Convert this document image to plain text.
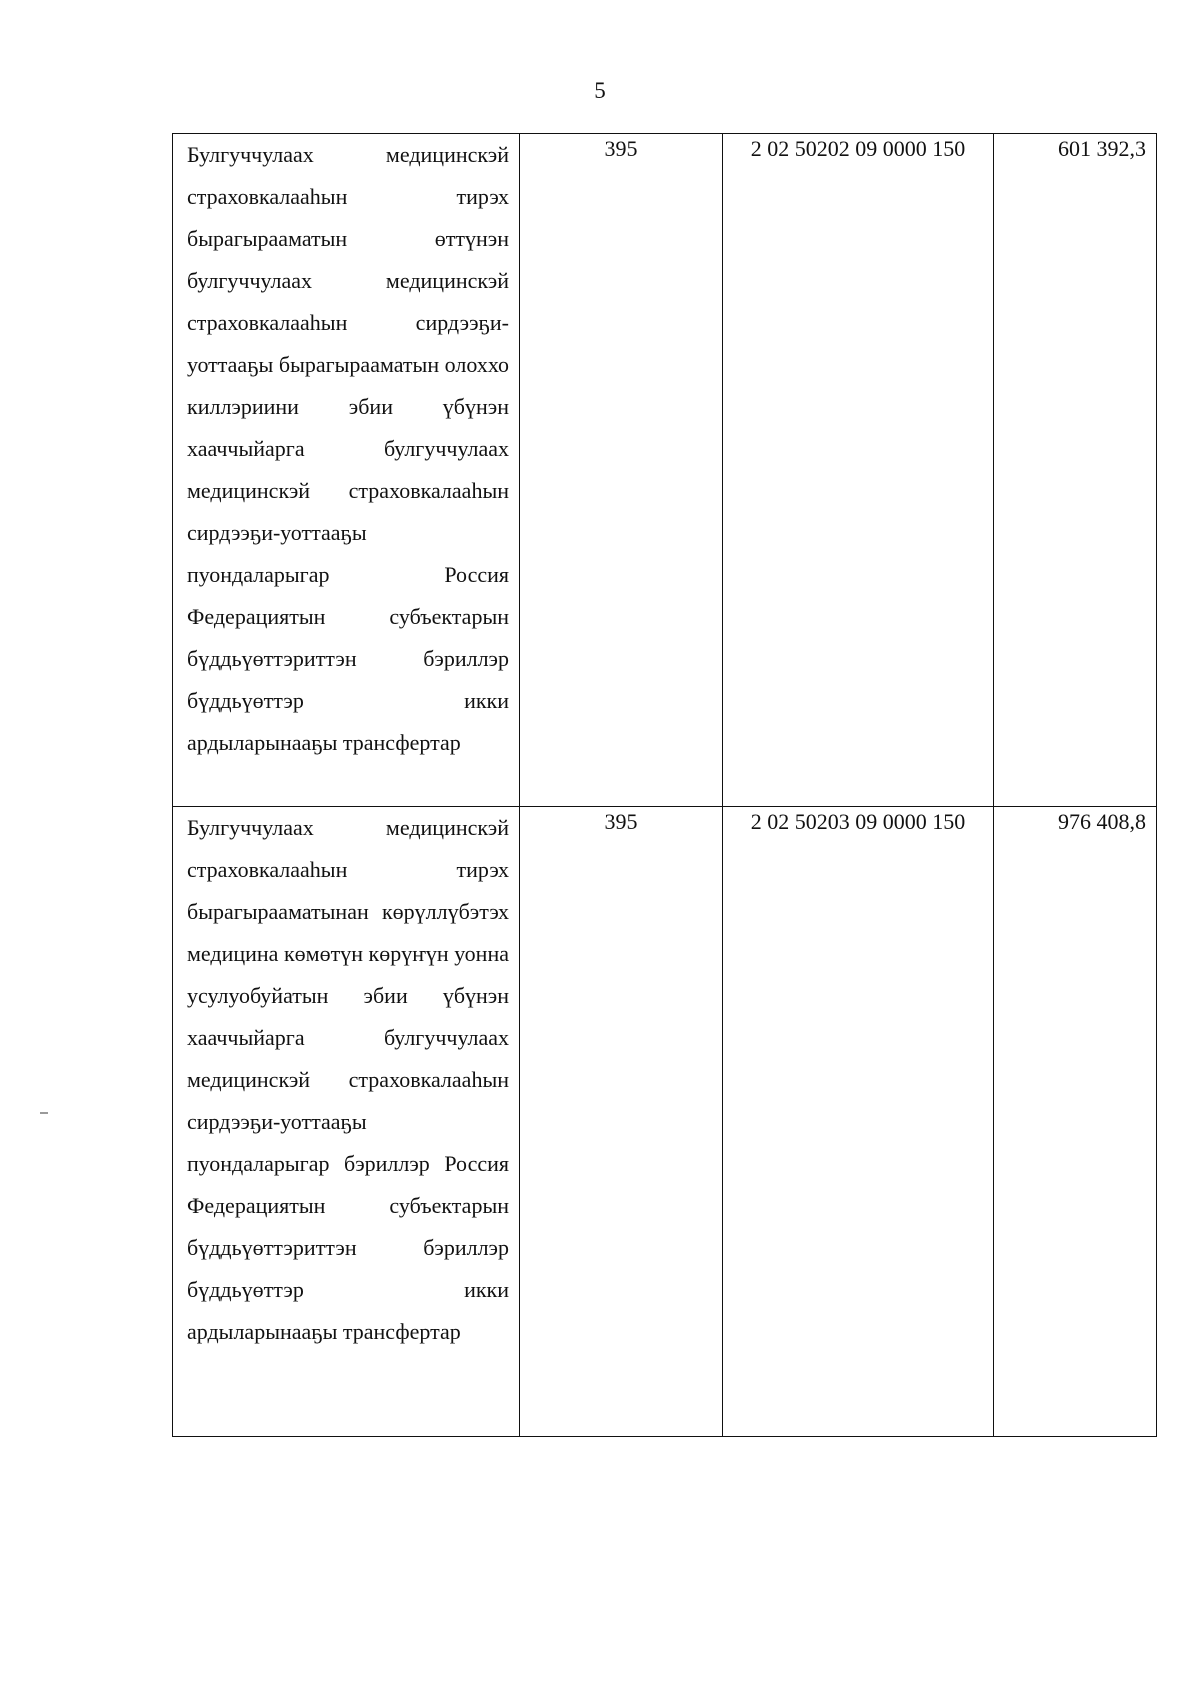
5

Булгуччулаах медицинскэй страховкалааһын тирэх бырагырааматын өттүнэн булгуччулаах медицинскэй страховкалааһын сирдээҕи-уоттааҕы бырагырааматын олоххо киллэриини эбии үбүнэн хааччыйарга булгуччулаах медицинскэй страховкалааһын сирдээҕи-уоттааҕы пуондаларыгар Россия Федерациятын субъектарын бүддьүөттэриттэн бэриллэр бүддьүөттэр икки ардыларынааҕы трансфертар	395	2 02 50202 09 0000 150	601 392,3

Булгуччулаах медицинскэй страховкалааһын тирэх бырагырааматынан көрүллүбэтэх медицина көмөтүн көрүҥүн уонна усулуобуйатын эбии үбүнэн хааччыйарга булгуччулаах медицинскэй страховкалааһын сирдээҕи-уоттааҕы пуондаларыгар бэриллэр Россия Федерациятын субъектарын бүддьүөттэриттэн бэриллэр бүддьүөттэр икки ардыларынааҕы трансфертар	395	2 02 50203 09 0000 150	976 408,8
